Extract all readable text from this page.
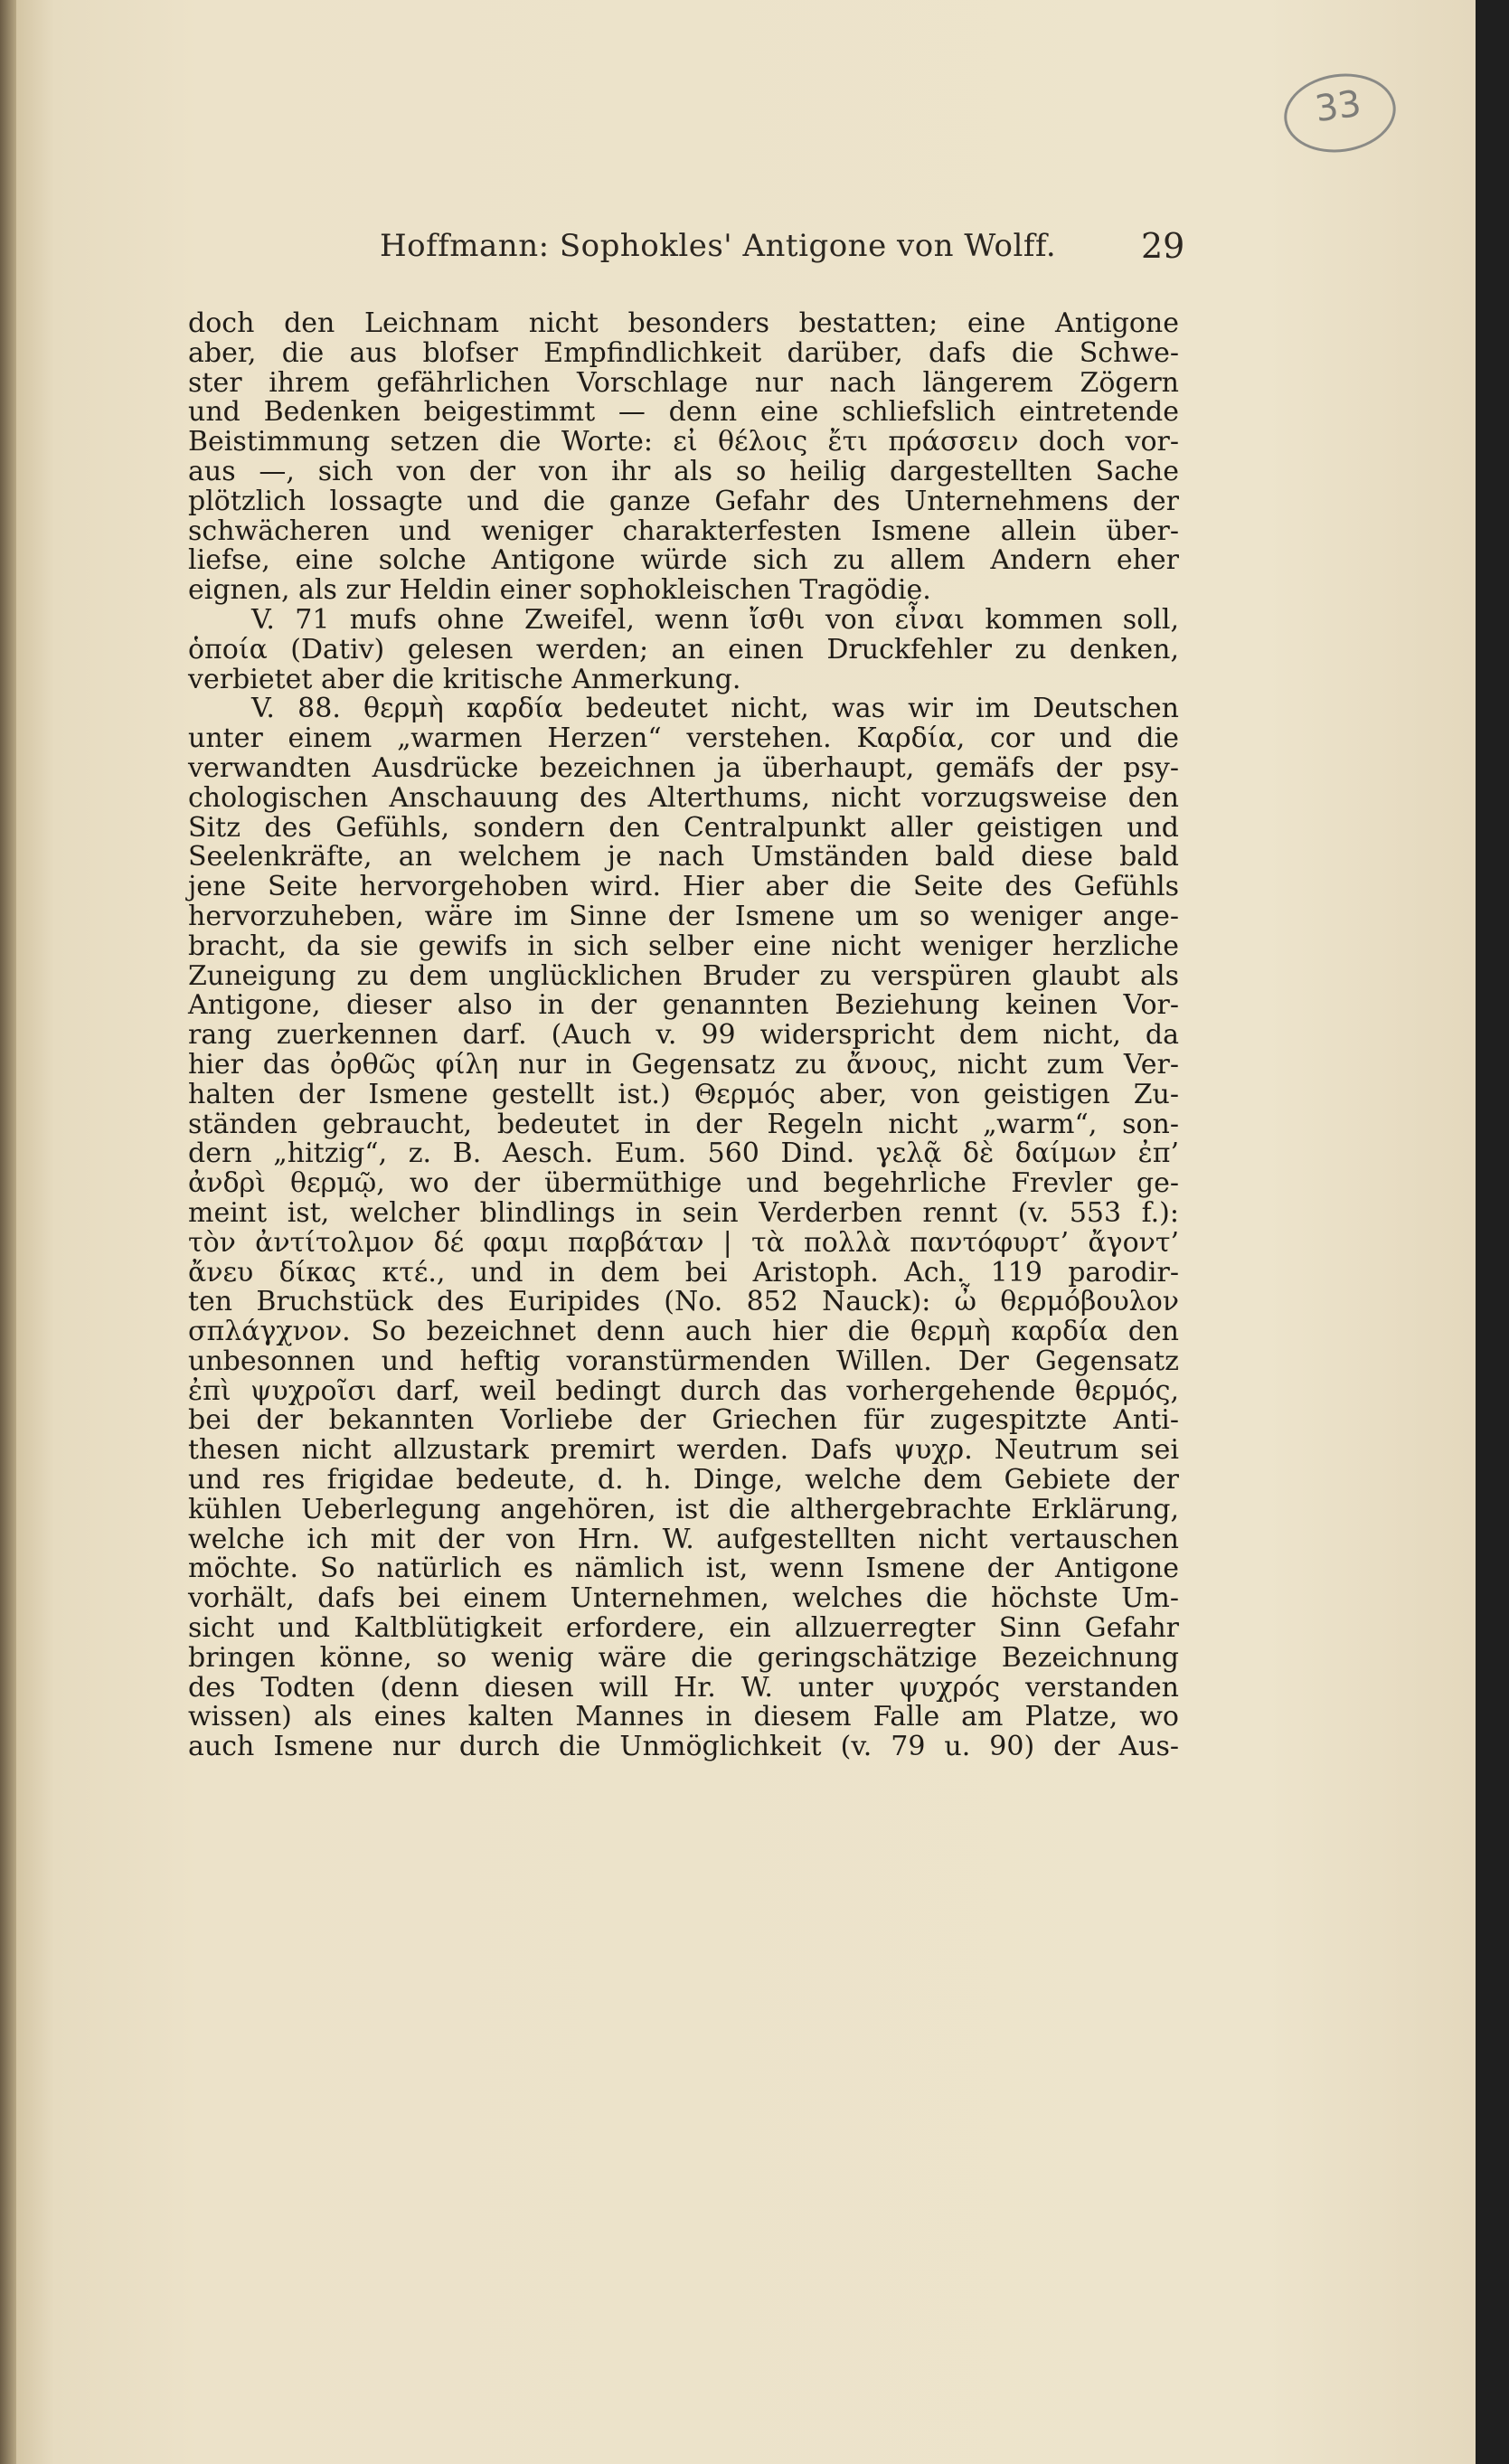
33
Hoffmann: Sophokles' Antigone von Wolff. 29
doch den Leichnam nicht besonders bestatten; eine Antigone
aber, die aus blofser Empfindlichkeit darüber, dafs die Schwe-
ster ihrem gefährlichen Vorschlage nur nach längerem Zögern
und Bedenken beigestimmt — denn eine schliefslich eintretende
Beistimmung setzen die Worte: εἰ θέλοις ἔτι πράσσειν doch vor-
aus —, sich von der von ihr als so heilig dargestellten Sache
plötzlich lossagte und die ganze Gefahr des Unternehmens der
schwächeren und weniger charakterfesten Ismene allein über-
liefse, eine solche Antigone würde sich zu allem Andern eher
eignen, als zur Heldin einer sophokleischen Tragödie.
V. 71 mufs ohne Zweifel, wenn ἴσθι von εἶναι kommen soll,
ὁποία (Dativ) gelesen werden; an einen Druckfehler zu denken,
verbietet aber die kritische Anmerkung.
V. 88. θερμὴ καρδία bedeutet nicht, was wir im Deutschen
unter einem „warmen Herzen“ verstehen. Καρδία, cor und die
verwandten Ausdrücke bezeichnen ja überhaupt, gemäfs der psy-
chologischen Anschauung des Alterthums, nicht vorzugsweise den
Sitz des Gefühls, sondern den Centralpunkt aller geistigen und
Seelenkräfte, an welchem je nach Umständen bald diese bald
jene Seite hervorgehoben wird. Hier aber die Seite des Gefühls
hervorzuheben, wäre im Sinne der Ismene um so weniger ange-
bracht, da sie gewifs in sich selber eine nicht weniger herzliche
Zuneigung zu dem unglücklichen Bruder zu verspüren glaubt als
Antigone, dieser also in der genannten Beziehung keinen Vor-
rang zuerkennen darf. (Auch v. 99 widerspricht dem nicht, da
hier das ὀρθῶς φίλη nur in Gegensatz zu ἄνους, nicht zum Ver-
halten der Ismene gestellt ist.) Θερμός aber, von geistigen Zu-
ständen gebraucht, bedeutet in der Regeln nicht „warm“, son-
dern „hitzig“, z. B. Aesch. Eum. 560 Dind. γελᾷ δὲ δαίμων ἐπ’
ἀνδρὶ θερμῷ, wo der übermüthige und begehrliche Frevler ge-
meint ist, welcher blindlings in sein Verderben rennt (v. 553 f.):
τὸν ἀντίτολμον δέ φαμι παρβάταν | τὰ πολλὰ παντόφυρτ’ ἄγοντ’
ἄνευ δίκας κτέ., und in dem bei Aristoph. Ach. 119 parodir-
ten Bruchstück des Euripides (No. 852 Nauck): ὦ θερμόβουλον
σπλάγχνον. So bezeichnet denn auch hier die θερμὴ καρδία den
unbesonnen und heftig voranstürmenden Willen. Der Gegensatz
ἐπὶ ψυχροῖσι darf, weil bedingt durch das vorhergehende θερμός,
bei der bekannten Vorliebe der Griechen für zugespitzte Anti-
thesen nicht allzustark premirt werden. Dafs ψυχρ. Neutrum sei
und res frigidae bedeute, d. h. Dinge, welche dem Gebiete der
kühlen Ueberlegung angehören, ist die althergebrachte Erklärung,
welche ich mit der von Hrn. W. aufgestellten nicht vertauschen
möchte. So natürlich es nämlich ist, wenn Ismene der Antigone
vorhält, dafs bei einem Unternehmen, welches die höchste Um-
sicht und Kaltblütigkeit erfordere, ein allzuerregter Sinn Gefahr
bringen könne, so wenig wäre die geringschätzige Bezeichnung
des Todten (denn diesen will Hr. W. unter ψυχρός verstanden
wissen) als eines kalten Mannes in diesem Falle am Platze, wo
auch Ismene nur durch die Unmöglichkeit (v. 79 u. 90) der Aus-
